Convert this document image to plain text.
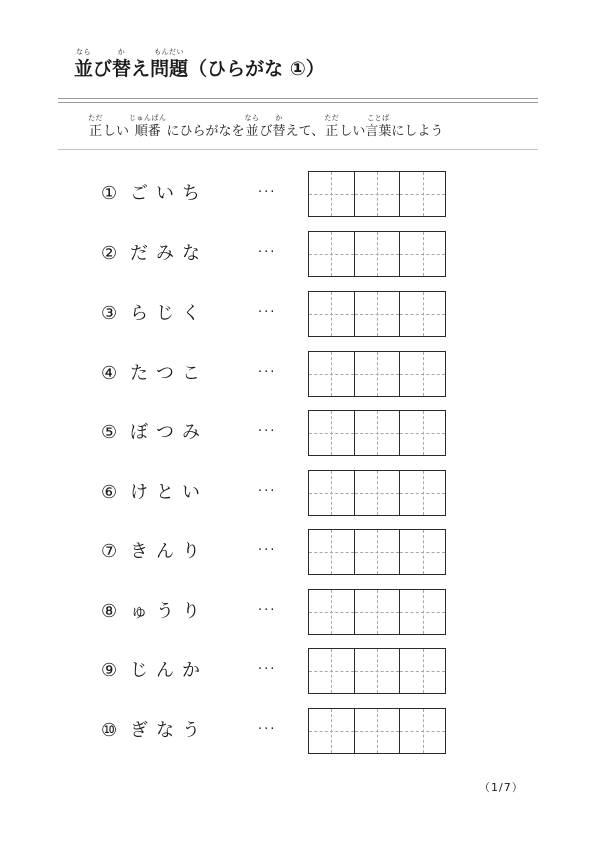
なら
並 び
か
替 え
もんだい
問題 （ひらがな ①）
ただ
正 しい
じゅんばん
順番 にひらがなを
なら
並 び
か
替 えて、
ただ
正 しい
ことば
言葉 にしよう
① ごいち	···
② だみな	···
③ らじく	···
④ たつこ	···
⑤ ぼつみ	···
⑥ けとい	···
⑦ きんり	···
⑧ ゅうり	···
⑨ じんか	···
⑩ ぎなう	···
（1/7）
